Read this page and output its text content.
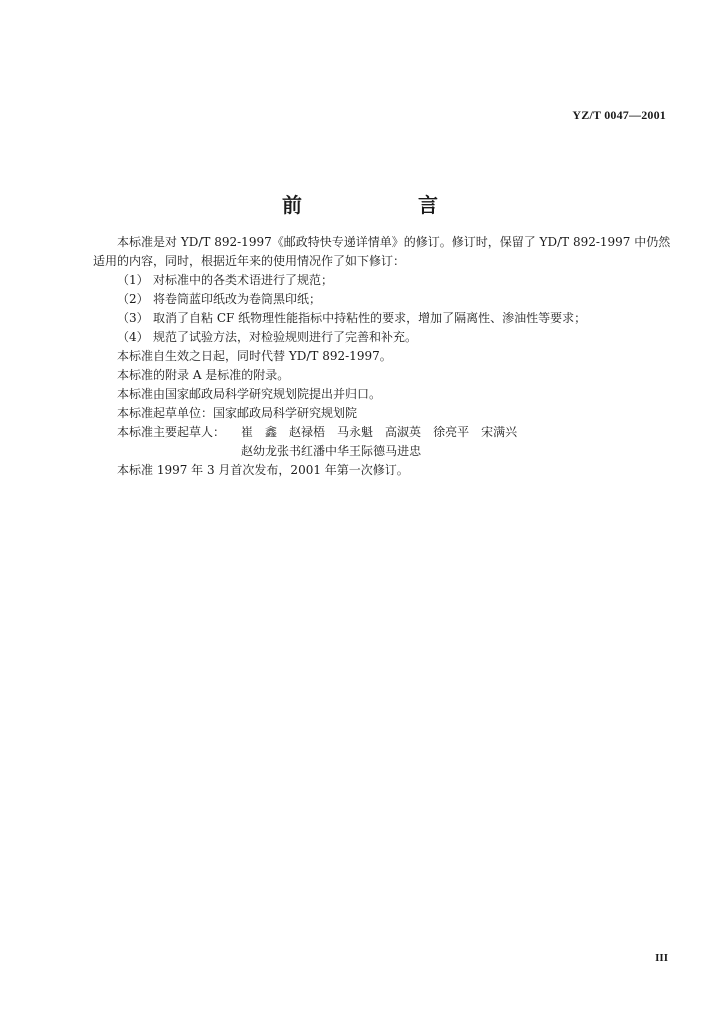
YZ/T 0047—2001
前　言

本标准是对 YD/T 892-1997《邮政特快专递详情单》的修订。修订时，保留了 YD/T 892-1997 中仍然适用的内容，同时，根据近年来的使用情况作了如下修订：

（1） 对标准中的各类术语进行了规范；

（2） 将卷筒蓝印纸改为卷筒黑印纸；

（3） 取消了自粘 CF 纸物理性能指标中持粘性的要求，增加了隔离性、渗油性等要求；

（4） 规范了试验方法，对检验规则进行了完善和补充。

本标准自生效之日起，同时代替 YD/T 892-1997。

本标准的附录 A 是标准的附录。

本标准由国家邮政局科学研究规划院提出并归口。

本标准起草单位：国家邮政局科学研究规划院

本标准主要起草人： 崔　鑫 赵禄梧 马永魁 高淑英 徐亮平 宋满兴

赵幼龙张书红潘中华王际德马进忠

本标准 1997 年 3 月首次发布，2001 年第一次修订。

III
